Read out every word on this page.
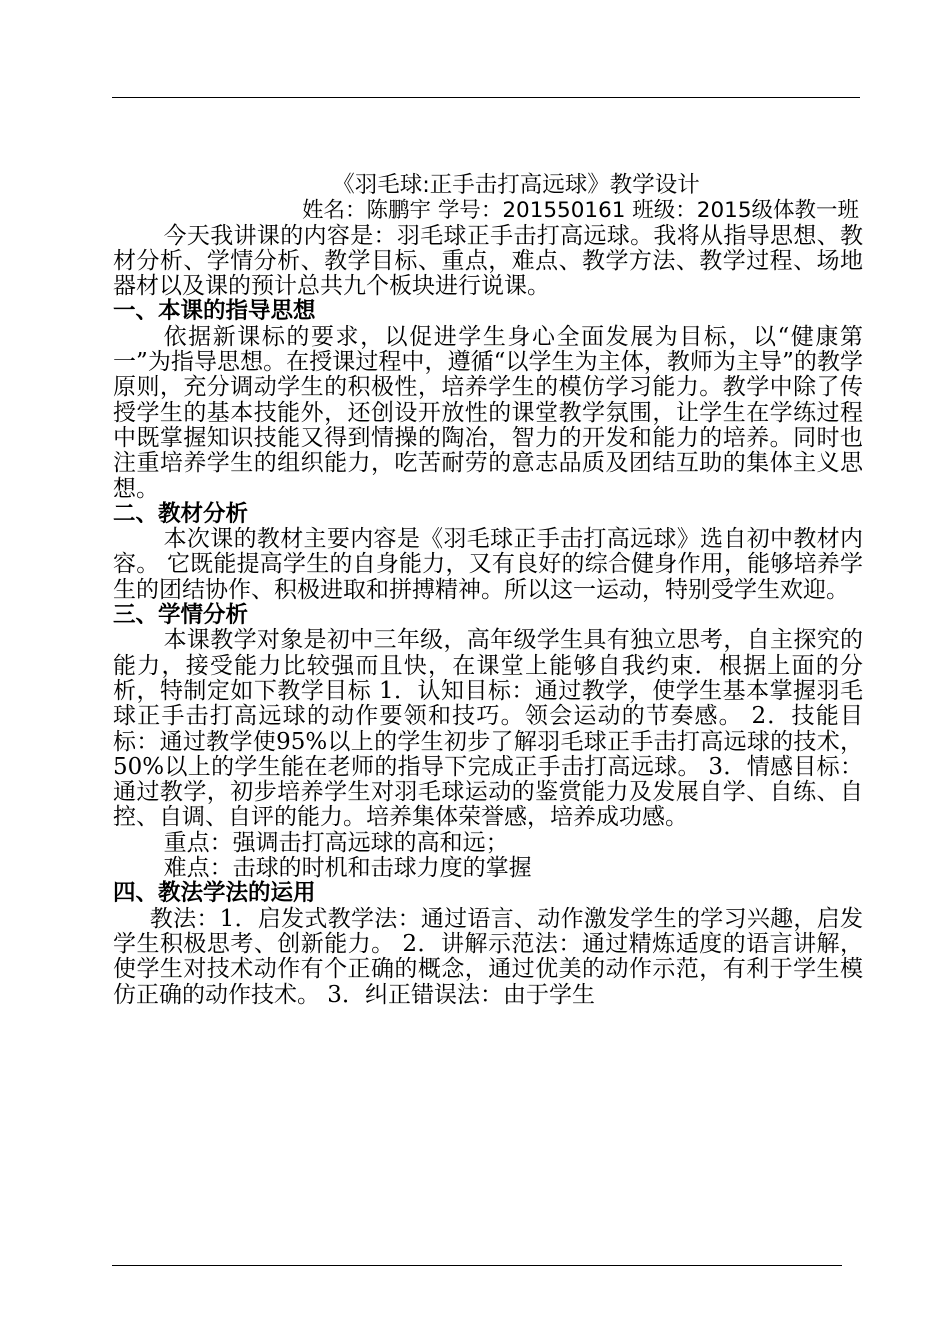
《羽毛球:正手击打高远球》教学设计
姓名：陈鹏宇 学号：201550161 班级：2015级体教一班

今天我讲课的内容是：羽毛球正手击打高远球。我将从指导思想、教材分析、学情分析、教学目标、重点，难点、教学方法、教学过程、场地器材以及课的预计总共九个板块进行说课。

一、本课的指导思想

依据新课标的要求，以促进学生身心全面发展为目标，以“健康第一”为指导思想。在授课过程中，遵循“以学生为主体，教师为主导”的教学原则，充分调动学生的积极性，培养学生的模仿学习能力。教学中除了传授学生的基本技能外，还创设开放性的课堂教学氛围，让学生在学练过程中既掌握知识技能又得到情操的陶冶，智力的开发和能力的培养。同时也注重培养学生的组织能力，吃苦耐劳的意志品质及团结互助的集体主义思想。

二、教材分析

本次课的教材主要内容是《羽毛球正手击打高远球》选自初中教材内容。 它既能提高学生的自身能力，又有良好的综合健身作用，能够培养学生的团结协作、积极进取和拼搏精神。所以这一运动，特别受学生欢迎。

三、学情分析

本课教学对象是初中三年级，高年级学生具有独立思考，自主探究的能力，接受能力比较强而且快，在课堂上能够自我约束．根据上面的分析，特制定如下教学目标 1．认知目标：通过教学，使学生基本掌握羽毛球正手击打高远球的动作要领和技巧。领会运动的节奏感。 2．技能目标：通过教学使95%以上的学生初步了解羽毛球正手击打高远球的技术，50%以上的学生能在老师的指导下完成正手击打高远球。 3．情感目标：通过教学，初步培养学生对羽毛球运动的鉴赏能力及发展自学、自练、自控、自调、自评的能力。培养集体荣誉感，培养成功感。

重点：强调击打高远球的高和远；

难点：击球的时机和击球力度的掌握

四、教法学法的运用

教法：1．启发式教学法：通过语言、动作激发学生的学习兴趣，启发学生积极思考、创新能力。 2．讲解示范法：通过精炼适度的语言讲解，使学生对技术动作有个正确的概念，通过优美的动作示范，有利于学生模仿正确的动作技术。 3．纠正错误法：由于学生
